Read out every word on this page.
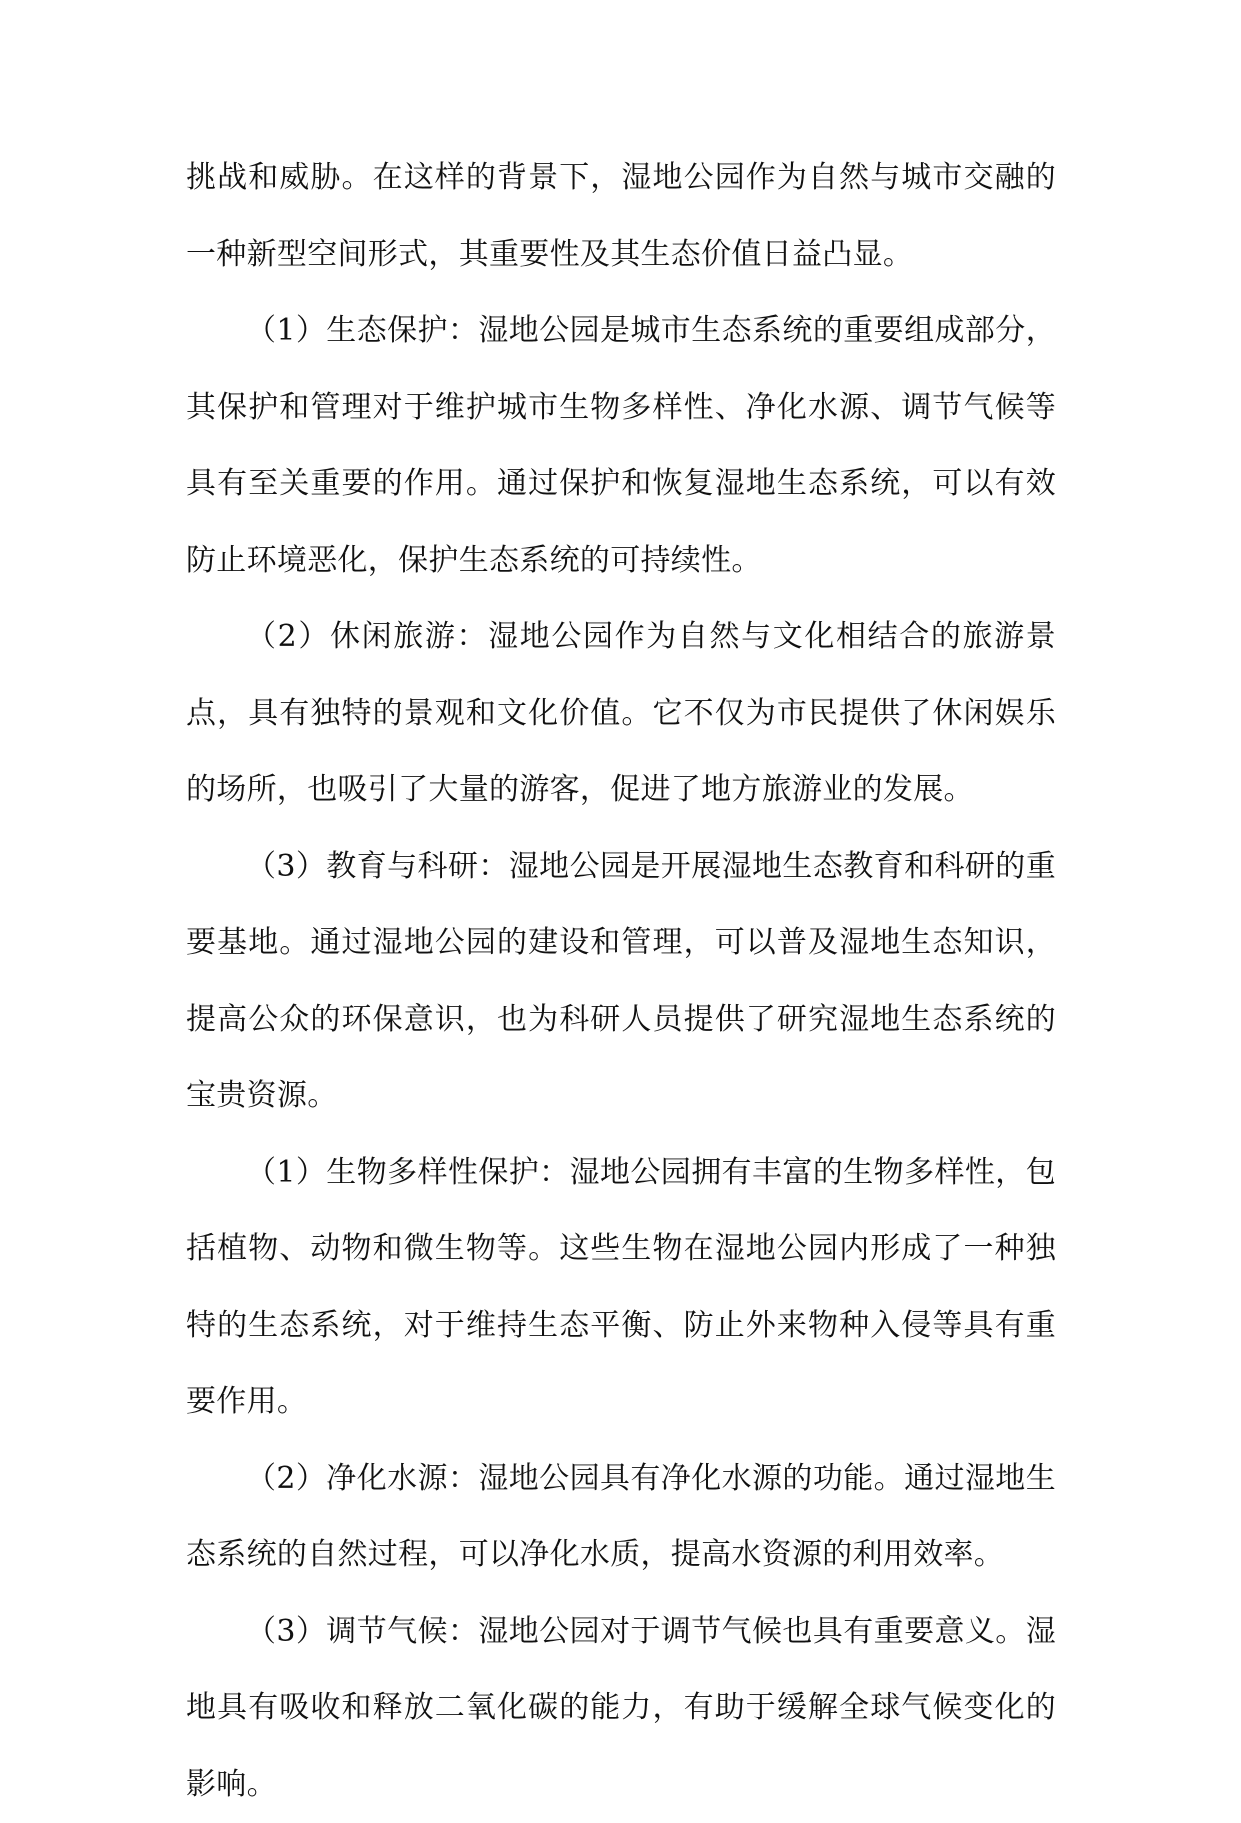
挑战和威胁。在这样的背景下，湿地公园作为自然与城市交融的一种新型空间形式，其重要性及其生态价值日益凸显。

（1）生态保护：湿地公园是城市生态系统的重要组成部分，其保护和管理对于维护城市生物多样性、净化水源、调节气候等具有至关重要的作用。通过保护和恢复湿地生态系统，可以有效防止环境恶化，保护生态系统的可持续性。

（2）休闲旅游：湿地公园作为自然与文化相结合的旅游景点，具有独特的景观和文化价值。它不仅为市民提供了休闲娱乐的场所，也吸引了大量的游客，促进了地方旅游业的发展。

（3）教育与科研：湿地公园是开展湿地生态教育和科研的重要基地。通过湿地公园的建设和管理，可以普及湿地生态知识，提高公众的环保意识，也为科研人员提供了研究湿地生态系统的宝贵资源。

（1）生物多样性保护：湿地公园拥有丰富的生物多样性，包括植物、动物和微生物等。这些生物在湿地公园内形成了一种独特的生态系统，对于维持生态平衡、防止外来物种入侵等具有重要作用。

（2）净化水源：湿地公园具有净化水源的功能。通过湿地生态系统的自然过程，可以净化水质，提高水资源的利用效率。

（3）调节气候：湿地公园对于调节气候也具有重要意义。湿地具有吸收和释放二氧化碳的能力，有助于缓解全球气候变化的影响。
